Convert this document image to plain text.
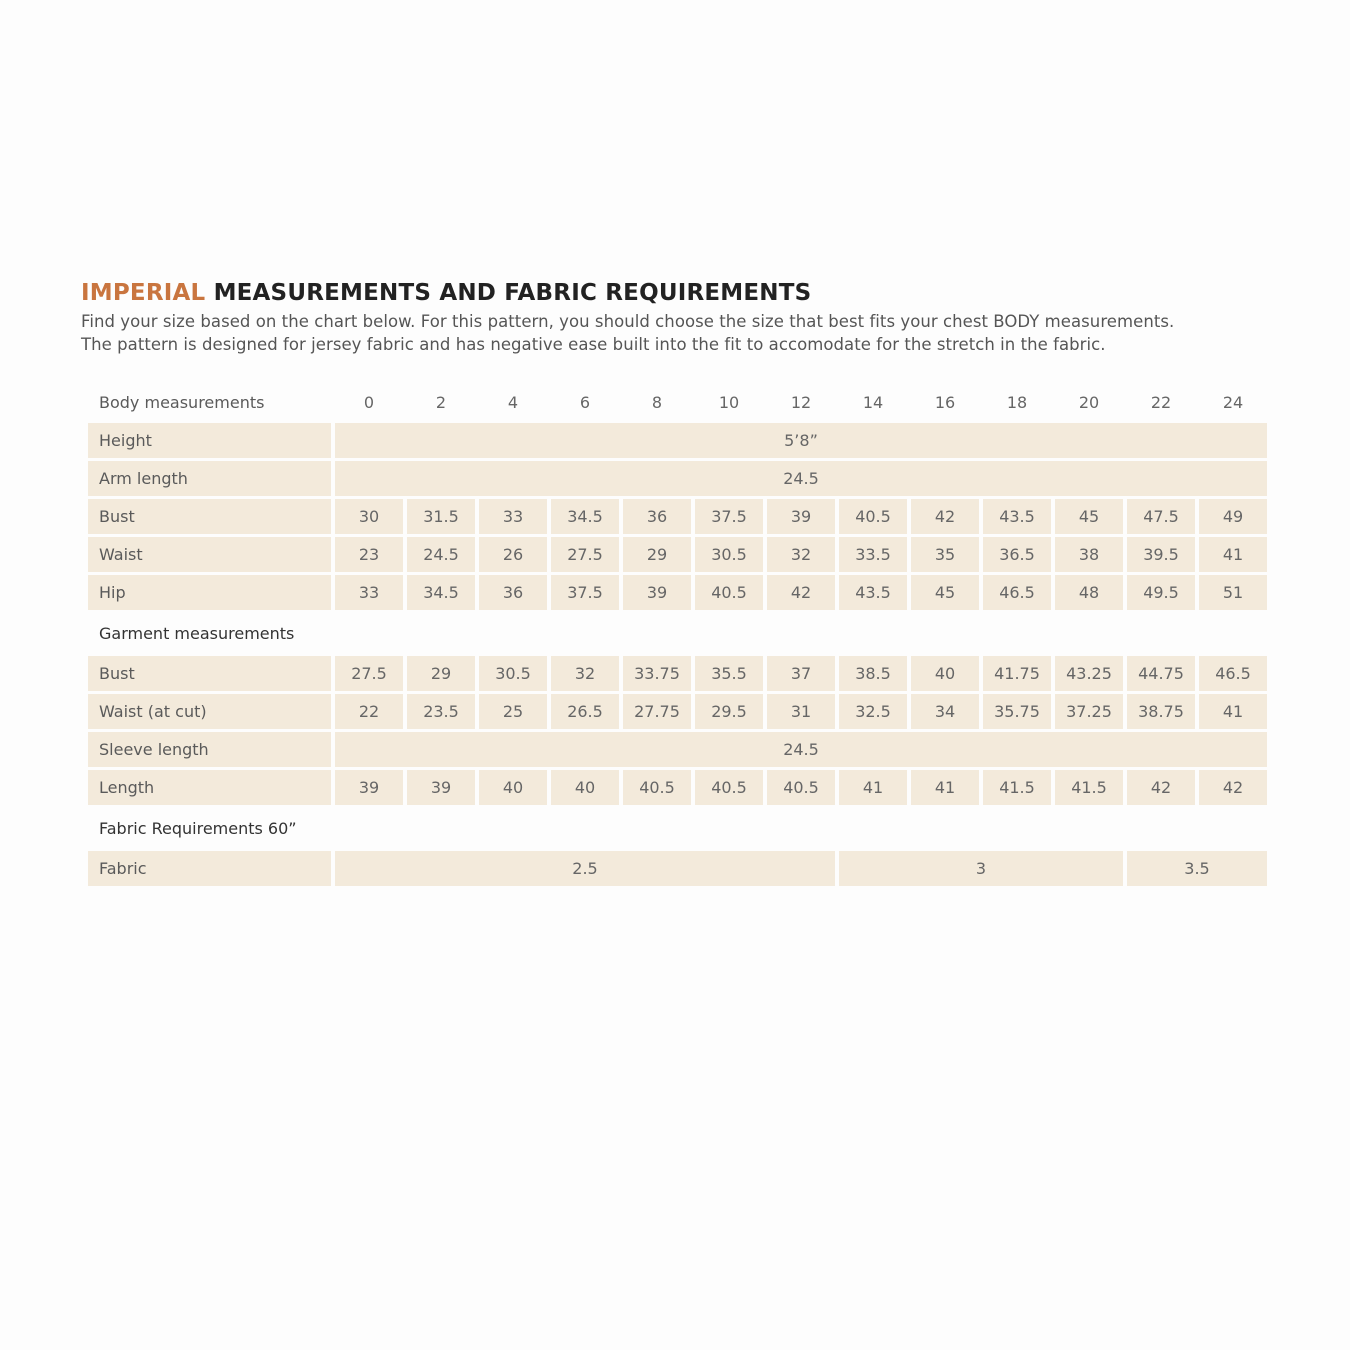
IMPERIAL MEASUREMENTS AND FABRIC REQUIREMENTS

Find your size based on the chart below. For this pattern, you should choose the size that best fits your chest BODY measurements.
The pattern is designed for jersey fabric and has negative ease built into the fit to accomodate for the stretch in the fabric.

Body measurements	0	2	4	6	8	10	12	14	16	18	20	22	24
Height	5’8”												
Arm length	24.5												
Bust	30	31.5	33	34.5	36	37.5	39	40.5	42	43.5	45	47.5	49
Waist	23	24.5	26	27.5	29	30.5	32	33.5	35	36.5	38	39.5	41
Hip	33	34.5	36	37.5	39	40.5	42	43.5	45	46.5	48	49.5	51
Garment measurements													
Bust	27.5	29	30.5	32	33.75	35.5	37	38.5	40	41.75	43.25	44.75	46.5
Waist (at cut)	22	23.5	25	26.5	27.75	29.5	31	32.5	34	35.75	37.25	38.75	41
Sleeve length	24.5												
Length	39	39	40	40	40.5	40.5	40.5	41	41	41.5	41.5	42	42
Fabric Requirements 60”													
Fabric	2.5							3				3.5	
